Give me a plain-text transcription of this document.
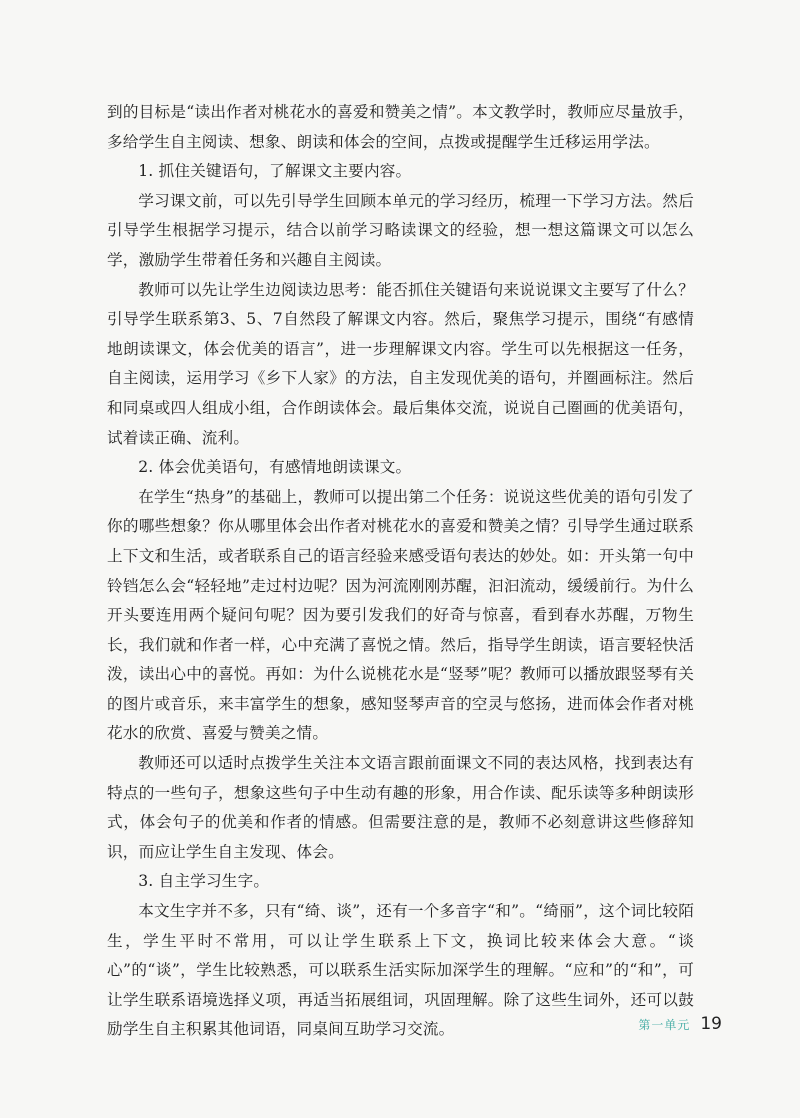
到的目标是“读出作者对桃花水的喜爱和赞美之情”。本文教学时，教师应尽量放手，多给学生自主阅读、想象、朗读和体会的空间，点拨或提醒学生迁移运用学法。

1. 抓住关键语句，了解课文主要内容。

学习课文前，可以先引导学生回顾本单元的学习经历，梳理一下学习方法。然后引导学生根据学习提示，结合以前学习略读课文的经验，想一想这篇课文可以怎么学，激励学生带着任务和兴趣自主阅读。

教师可以先让学生边阅读边思考：能否抓住关键语句来说说课文主要写了什么？引导学生联系第3、5、7自然段了解课文内容。然后，聚焦学习提示，围绕“有感情地朗读课文，体会优美的语言”，进一步理解课文内容。学生可以先根据这一任务，自主阅读，运用学习《乡下人家》的方法，自主发现优美的语句，并圈画标注。然后和同桌或四人组成小组，合作朗读体会。最后集体交流，说说自己圈画的优美语句，试着读正确、流利。

2. 体会优美语句，有感情地朗读课文。

在学生“热身”的基础上，教师可以提出第二个任务：说说这些优美的语句引发了你的哪些想象？你从哪里体会出作者对桃花水的喜爱和赞美之情？引导学生通过联系上下文和生活，或者联系自己的语言经验来感受语句表达的妙处。如：开头第一句中铃铛怎么会“轻轻地”走过村边呢？因为河流刚刚苏醒，汩汩流动，缓缓前行。为什么开头要连用两个疑问句呢？因为要引发我们的好奇与惊喜，看到春水苏醒，万物生长，我们就和作者一样，心中充满了喜悦之情。然后，指导学生朗读，语言要轻快活泼，读出心中的喜悦。再如：为什么说桃花水是“竖琴”呢？教师可以播放跟竖琴有关的图片或音乐，来丰富学生的想象，感知竖琴声音的空灵与悠扬，进而体会作者对桃花水的欣赏、喜爱与赞美之情。

教师还可以适时点拨学生关注本文语言跟前面课文不同的表达风格，找到表达有特点的一些句子，想象这些句子中生动有趣的形象，用合作读、配乐读等多种朗读形式，体会句子的优美和作者的情感。但需要注意的是，教师不必刻意讲这些修辞知识，而应让学生自主发现、体会。

3. 自主学习生字。

本文生字并不多，只有“绮、谈”，还有一个多音字“和”。“绮丽”，这个词比较陌生，学生平时不常用，可以让学生联系上下文，换词比较来体会大意。“谈心”的“谈”，学生比较熟悉，可以联系生活实际加深学生的理解。“应和”的“和”，可让学生联系语境选择义项，再适当拓展组词，巩固理解。除了这些生词外，还可以鼓励学生自主积累其他词语，同桌间互助学习交流。	第一单元 19
